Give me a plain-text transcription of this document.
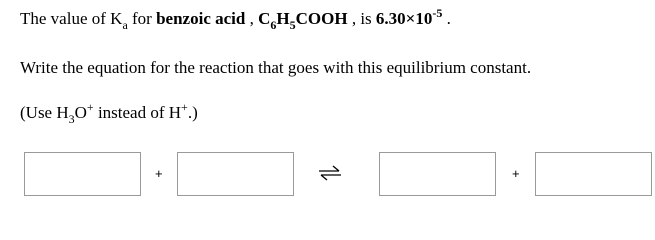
The value of $K_a$ for benzoic acid , $C_6H_5COOH$ , is $6.30\times 10^{-5}$ .
Write the equation for the reaction that goes with this equilibrium constant.
(Use $H_3O^+$ instead of H+.)
+	+
